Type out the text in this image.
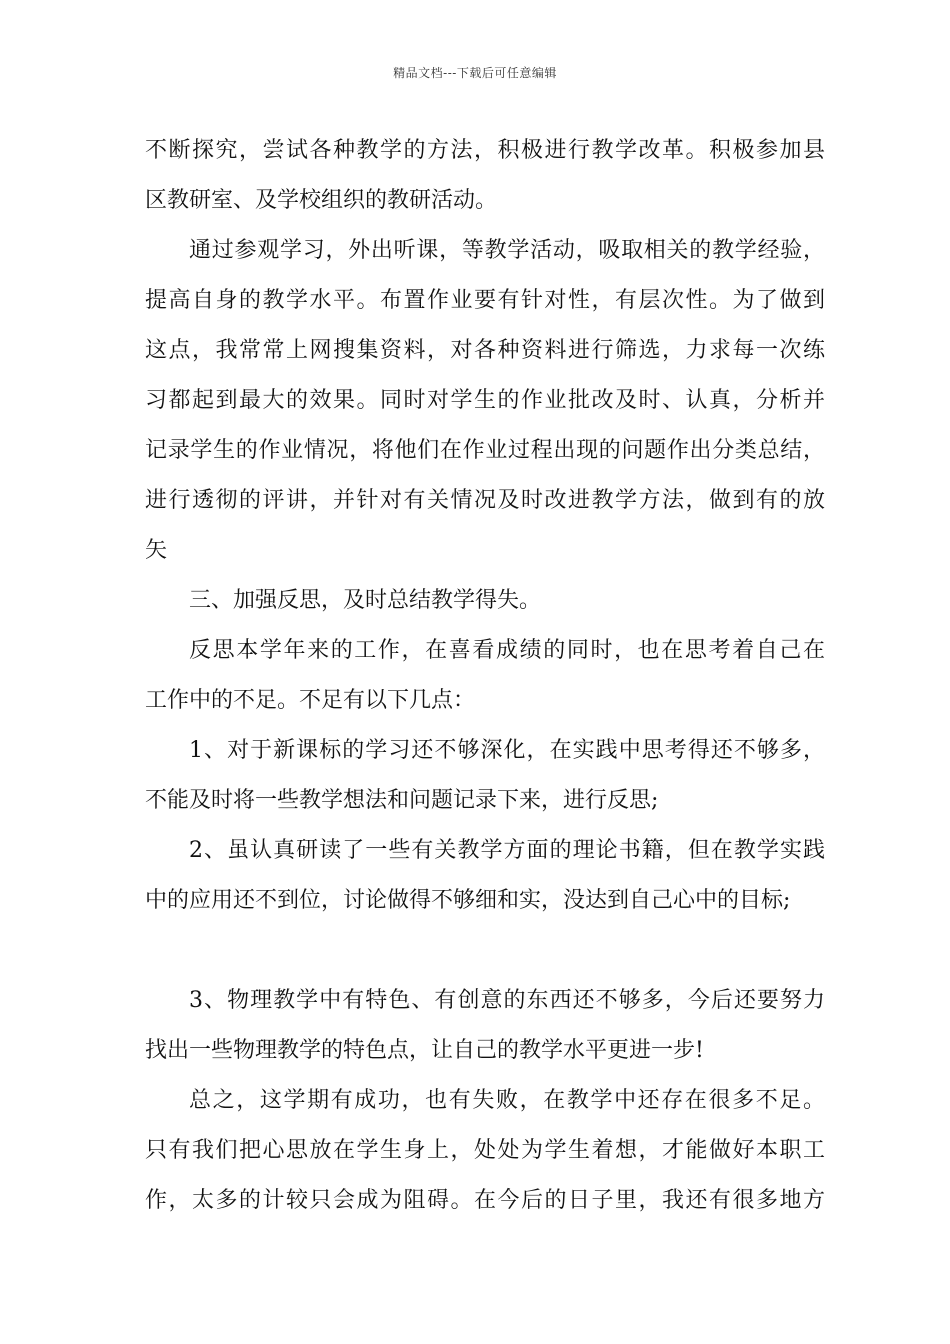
精品文档---下载后可任意编辑
不断探究，尝试各种教学的方法，积极进行教学改革。积极参加县
区教研室、及学校组织的教研活动。
通过参观学习，外出听课，等教学活动，吸取相关的教学经验，
提高自身的教学水平。布置作业要有针对性，有层次性。为了做到
这点，我常常上网搜集资料，对各种资料进行筛选，力求每一次练
习都起到最大的效果。同时对学生的作业批改及时、认真，分析并
记录学生的作业情况，将他们在作业过程出现的问题作出分类总结，
进行透彻的评讲，并针对有关情况及时改进教学方法，做到有的放
矢
三、加强反思，及时总结教学得失。
反思本学年来的工作，在喜看成绩的同时，也在思考着自己在
工作中的不足。不足有以下几点：
1、对于新课标的学习还不够深化，在实践中思考得还不够多，
不能及时将一些教学想法和问题记录下来，进行反思;
2、虽认真研读了一些有关教学方面的理论书籍，但在教学实践
中的应用还不到位，讨论做得不够细和实，没达到自己心中的目标;
3、物理教学中有特色、有创意的东西还不够多，今后还要努力
找出一些物理教学的特色点，让自己的教学水平更进一步!
总之，这学期有成功，也有失败，在教学中还存在很多不足。
只有我们把心思放在学生身上，处处为学生着想，才能做好本职工
作，太多的计较只会成为阻碍。在今后的日子里，我还有很多地方
